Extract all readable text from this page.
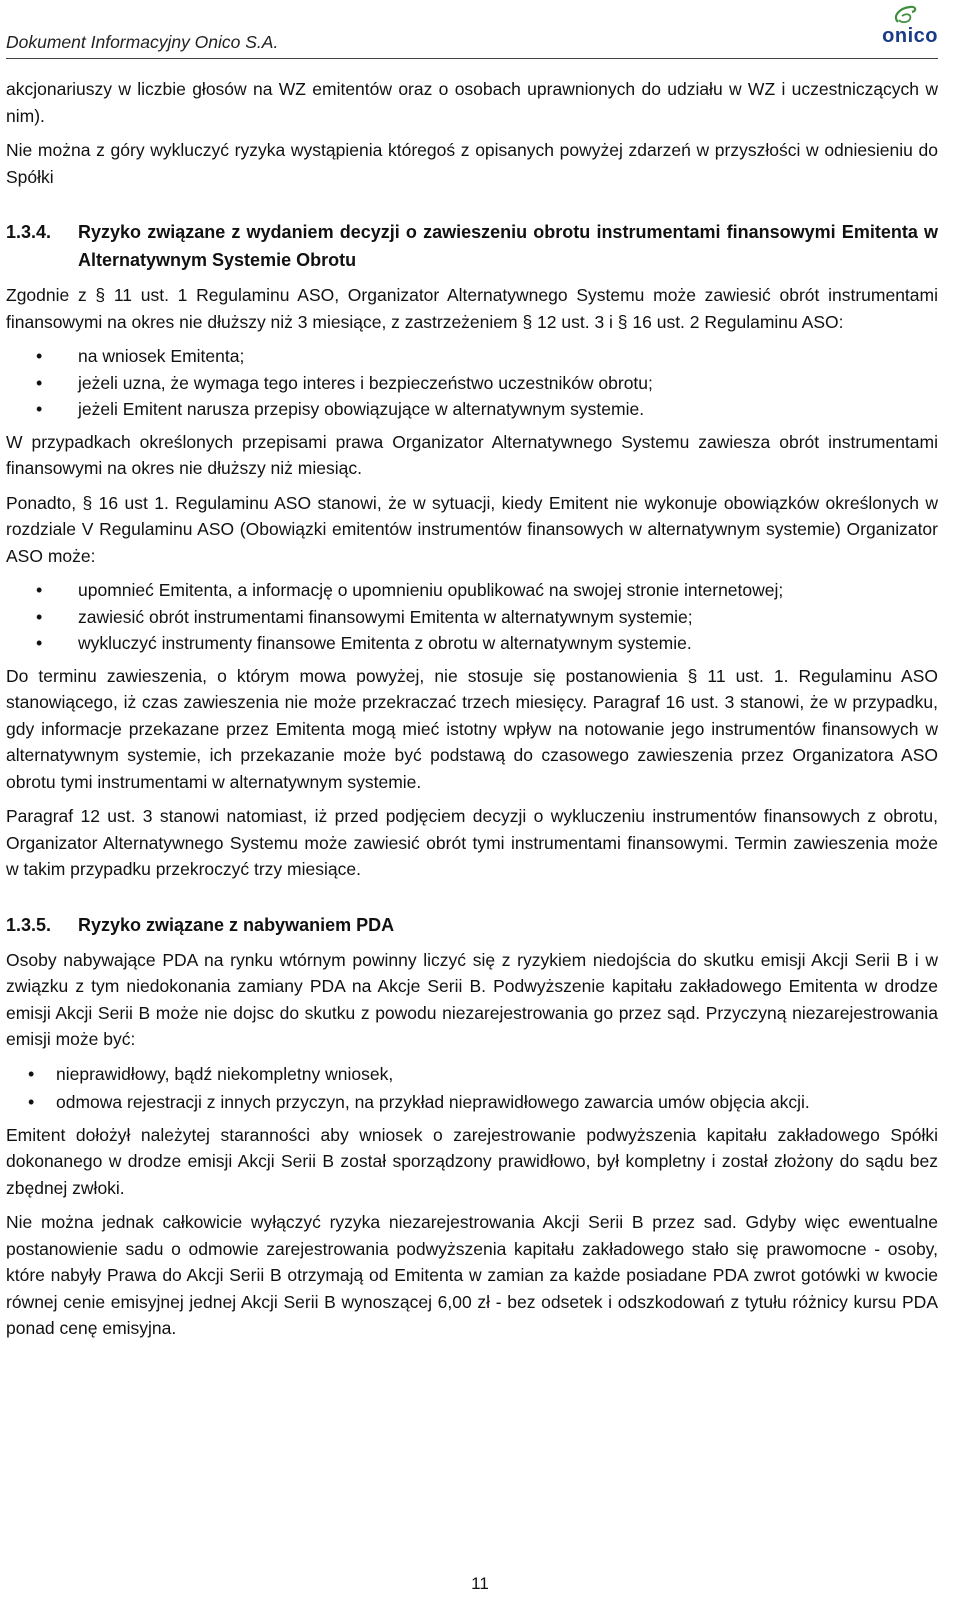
Dokument Informacyjny Onico S.A.	onico

akcjonariuszy w liczbie głosów na WZ emitentów oraz o osobach uprawnionych do udziału w WZ i uczestniczących w nim).

Nie można z góry wykluczyć ryzyka wystąpienia któregoś z opisanych powyżej zdarzeń w przyszłości w odniesieniu do Spółki

1.3.4.	Ryzyko związane z wydaniem decyzji o zawieszeniu obrotu instrumentami finansowymi Emitenta w Alternatywnym Systemie Obrotu

Zgodnie z § 11 ust. 1 Regulaminu ASO, Organizator Alternatywnego Systemu może zawiesić obrót instrumentami finansowymi na okres nie dłuższy niż 3 miesiące, z zastrzeżeniem § 12 ust. 3 i § 16 ust. 2 Regulaminu ASO:

• na wniosek Emitenta;
• jeżeli uzna, że wymaga tego interes i bezpieczeństwo uczestników obrotu;
• jeżeli Emitent narusza przepisy obowiązujące w alternatywnym systemie.

W przypadkach określonych przepisami prawa Organizator Alternatywnego Systemu zawiesza obrót instrumentami finansowymi na okres nie dłuższy niż miesiąc.

Ponadto, § 16 ust 1. Regulaminu ASO stanowi, że w sytuacji, kiedy Emitent nie wykonuje obowiązków określonych w rozdziale V Regulaminu ASO (Obowiązki emitentów instrumentów finansowych w alternatywnym systemie) Organizator ASO może:

• upomnieć Emitenta, a informację o upomnieniu opublikować na swojej stronie internetowej;
• zawiesić obrót instrumentami finansowymi Emitenta w alternatywnym systemie;
• wykluczyć instrumenty finansowe Emitenta z obrotu w alternatywnym systemie.

Do terminu zawieszenia, o którym mowa powyżej, nie stosuje się postanowienia § 11 ust. 1. Regulaminu ASO stanowiącego, iż czas zawieszenia nie może przekraczać trzech miesięcy. Paragraf 16 ust. 3 stanowi, że w przypadku, gdy informacje przekazane przez Emitenta mogą mieć istotny wpływ na notowanie jego instrumentów finansowych w alternatywnym systemie, ich przekazanie może być podstawą do czasowego zawieszenia przez Organizatora ASO obrotu tymi instrumentami w alternatywnym systemie.

Paragraf 12 ust. 3 stanowi natomiast, iż przed podjęciem decyzji o wykluczeniu instrumentów finansowych z obrotu, Organizator Alternatywnego Systemu może zawiesić obrót tymi instrumentami finansowymi. Termin zawieszenia może w takim przypadku przekroczyć trzy miesiące.

1.3.5.	Ryzyko związane z nabywaniem PDA

Osoby nabywające PDA na rynku wtórnym powinny liczyć się z ryzykiem niedojścia do skutku emisji Akcji Serii B i w związku z tym niedokonania zamiany PDA na Akcje Serii B. Podwyższenie kapitału zakładowego Emitenta w drodze emisji Akcji Serii B może nie dojsc do skutku z powodu niezarejestrowania go przez sąd. Przyczyną niezarejestrowania emisji może być:

• nieprawidłowy, bądź niekompletny wniosek,
• odmowa rejestracji z innych przyczyn, na przykład nieprawidłowego zawarcia umów objęcia akcji.

Emitent dołożył należytej staranności aby wniosek o zarejestrowanie podwyższenia kapitału zakładowego Spółki dokonanego w drodze emisji Akcji Serii B został sporządzony prawidłowo, był kompletny i został złożony do sądu bez zbędnej zwłoki.

Nie można jednak całkowicie wyłączyć ryzyka niezarejestrowania Akcji Serii B przez sad. Gdyby więc ewentualne postanowienie sadu o odmowie zarejestrowania podwyższenia kapitału zakładowego stało się prawomocne - osoby, które nabyły Prawa do Akcji Serii B otrzymają od Emitenta w zamian za każde posiadane PDA zwrot gotówki w kwocie równej cenie emisyjnej jednej Akcji Serii B wynoszącej 6,00 zł - bez odsetek i odszkodowań z tytułu różnicy kursu PDA ponad cenę emisyjna.

11
